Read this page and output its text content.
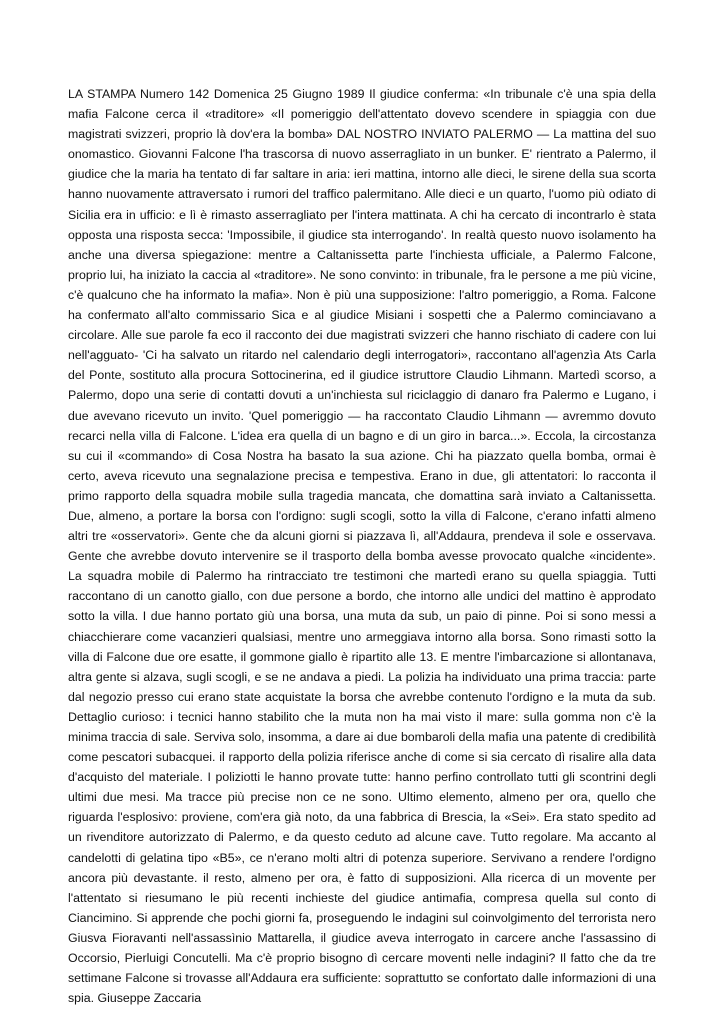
LA STAMPA Numero 142 Domenica 25 Giugno 1989 Il giudice conferma: «In tribunale c'è una spia della mafia Falcone cerca il «traditore» «Il pomeriggio dell'attentato dovevo scendere in spiaggia con due magistrati svizzeri, proprio là dov'era la bomba» DAL NOSTRO INVIATO PALERMO — La mattina del suo onomastico. Giovanni Falcone l'ha trascorsa di nuovo asserragliato in un bunker. E' rientrato a Palermo, il giudice che la maria ha tentato di far saltare in aria: ieri mattina, intorno alle dieci, le sirene della sua scorta hanno nuovamente attraversato i rumori del traffico palermitano. Alle dieci e un quarto, l'uomo più odiato di Sicilia era in ufficio: e lì è rimasto asserragliato per l'intera mattinata. A chi ha cercato di incontrarlo è stata opposta una risposta secca: 'Impossibile, il giudice sta interrogando'. In realtà questo nuovo isolamento ha anche una diversa spiegazione: mentre a Caltanissetta parte l'inchiesta ufficiale, a Palermo Falcone, proprio lui, ha iniziato la caccia al «traditore». Ne sono convinto: in tribunale, fra le persone a me più vicine, c'è qualcuno che ha informato la mafia». Non è più una supposizione: l'altro pomeriggio, a Roma. Falcone ha confermato all'alto commissario Sica e al giudice Misiani i sospetti che a Palermo cominciavano a circolare. Alle sue parole fa eco il racconto dei due magistrati svizzeri che hanno rischiato di cadere con lui nell'agguato- 'Ci ha salvato un ritardo nel calendario degli interrogatori», raccontano all'agenzìa Ats Carla del Ponte, sostituto alla procura Sottocinerina, ed il giudice istruttore Claudio Lihmann. Martedì scorso, a Palermo, dopo una serie di contatti dovuti a un'inchiesta sul riciclaggio di danaro fra Palermo e Lugano, i due avevano ricevuto un invito. 'Quel pomeriggio — ha raccontato Claudio Lihmann — avremmo dovuto recarci nella villa di Falcone. L'idea era quella di un bagno e di un giro in barca...». Eccola, la circostanza su cui il «commando» di Cosa Nostra ha basato la sua azione. Chi ha piazzato quella bomba, ormai è certo, aveva ricevuto una segnalazione precisa e tempestiva. Erano in due, gli attentatori: lo racconta il primo rapporto della squadra mobile sulla tragedia mancata, che domattina sarà inviato a Caltanissetta. Due, almeno, a portare la borsa con l'ordigno: sugli scogli, sotto la villa di Falcone, c'erano infatti almeno altri tre «osservatori». Gente che da alcuni giorni si piazzava lì, all'Addaura, prendeva il sole e osservava. Gente che avrebbe dovuto intervenire se il trasporto della bomba avesse provocato qualche «incidente». La squadra mobile di Palermo ha rintracciato tre testimoni che martedì erano su quella spiaggia. Tutti raccontano di un canotto giallo, con due persone a bordo, che intorno alle undici del mattino è approdato sotto la villa. I due hanno portato giù una borsa, una muta da sub, un paio di pinne. Poi si sono messi a chiacchierare come vacanzieri qualsiasi, mentre uno armeggiava intorno alla borsa. Sono rimasti sotto la villa di Falcone due ore esatte, il gommone giallo è ripartito alle 13. E mentre l'imbarcazione si allontanava, altra gente si alzava, sugli scogli, e se ne andava a piedi. La polizia ha individuato una prima traccia: parte dal negozio presso cui erano state acquistate la borsa che avrebbe contenuto l'ordigno e la muta da sub. Dettaglio curioso: i tecnici hanno stabilito che la muta non ha mai visto il mare: sulla gomma non c'è la minima traccia di sale. Serviva solo, insomma, a dare ai due bombaroli della mafia una patente di credibilità come pescatori subacquei. il rapporto della polizia riferisce anche di come si sia cercato dì risalire alla data d'acquisto del materiale. I poliziotti le hanno provate tutte: hanno perfino controllato tutti gli scontrini degli ultimi due mesi. Ma tracce più precise non ce ne sono. Ultimo elemento, almeno per ora, quello che riguarda l'esplosivo: proviene, com'era già noto, da una fabbrica di Brescia, la «Sei». Era stato spedito ad un rivenditore autorizzato di Palermo, e da questo ceduto ad alcune cave. Tutto regolare. Ma accanto al candelotti di gelatina tipo «B5», ce n'erano molti altri di potenza superiore. Servivano a rendere l'ordigno ancora più devastante. il resto, almeno per ora, è fatto di supposizioni. Alla ricerca di un movente per l'attentato si riesumano le più recenti inchieste del giudice antimafia, compresa quella sul conto di Ciancimino. Si apprende che pochi giorni fa, proseguendo le indagini sul coinvolgimento del terrorista nero Giusva Fioravanti nell'assassìnio Mattarella, il giudice aveva interrogato in carcere anche l'assassino di Occorsio, Pierluigi Concutelli. Ma c'è proprio bisogno dì cercare moventi nelle indagini? Il fatto che da tre settimane Falcone si trovasse all'Addaura era sufficiente: soprattutto se confortato dalle informazioni di una spia. Giuseppe Zaccaria
